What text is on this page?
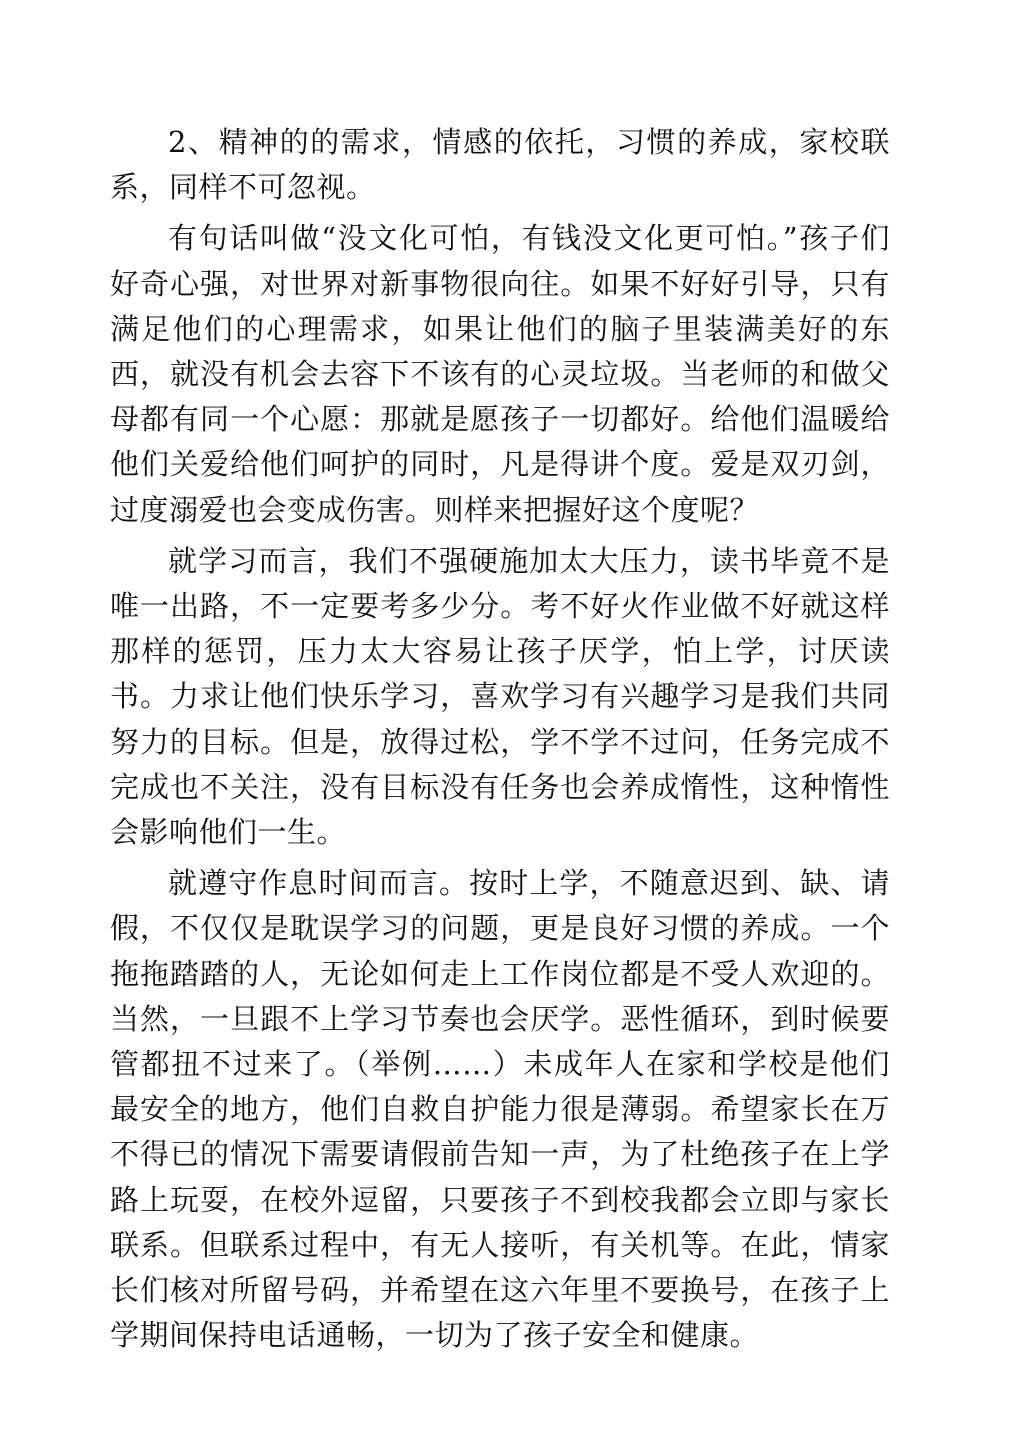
2、精神的的需求，情感的依托，习惯的养成，家校联系，同样不可忽视。

有句话叫做“没文化可怕，有钱没文化更可怕。”孩子们好奇心强，对世界对新事物很向往。如果不好好引导，只有满足他们的心理需求，如果让他们的脑子里装满美好的东西，就没有机会去容下不该有的心灵垃圾。当老师的和做父母都有同一个心愿：那就是愿孩子一切都好。给他们温暖给他们关爱给他们呵护的同时，凡是得讲个度。爱是双刃剑，过度溺爱也会变成伤害。则样来把握好这个度呢？

就学习而言，我们不强硬施加太大压力，读书毕竟不是唯一出路，不一定要考多少分。考不好火作业做不好就这样那样的惩罚，压力太大容易让孩子厌学，怕上学，讨厌读书。力求让他们快乐学习，喜欢学习有兴趣学习是我们共同努力的目标。但是，放得过松，学不学不过问，任务完成不完成也不关注，没有目标没有任务也会养成惰性，这种惰性会影响他们一生。

就遵守作息时间而言。按时上学，不随意迟到、缺、请假，不仅仅是耽误学习的问题，更是良好习惯的养成。一个拖拖踏踏的人，无论如何走上工作岗位都是不受人欢迎的。当然，一旦跟不上学习节奏也会厌学。恶性循环，到时候要管都扭不过来了。（举例……）未成年人在家和学校是他们最安全的地方，他们自救自护能力很是薄弱。希望家长在万不得已的情况下需要请假前告知一声，为了杜绝孩子在上学路上玩耍，在校外逗留，只要孩子不到校我都会立即与家长联系。但联系过程中，有无人接听，有关机等。在此，情家长们核对所留号码，并希望在这六年里不要换号，在孩子上学期间保持电话通畅，一切为了孩子安全和健康。
